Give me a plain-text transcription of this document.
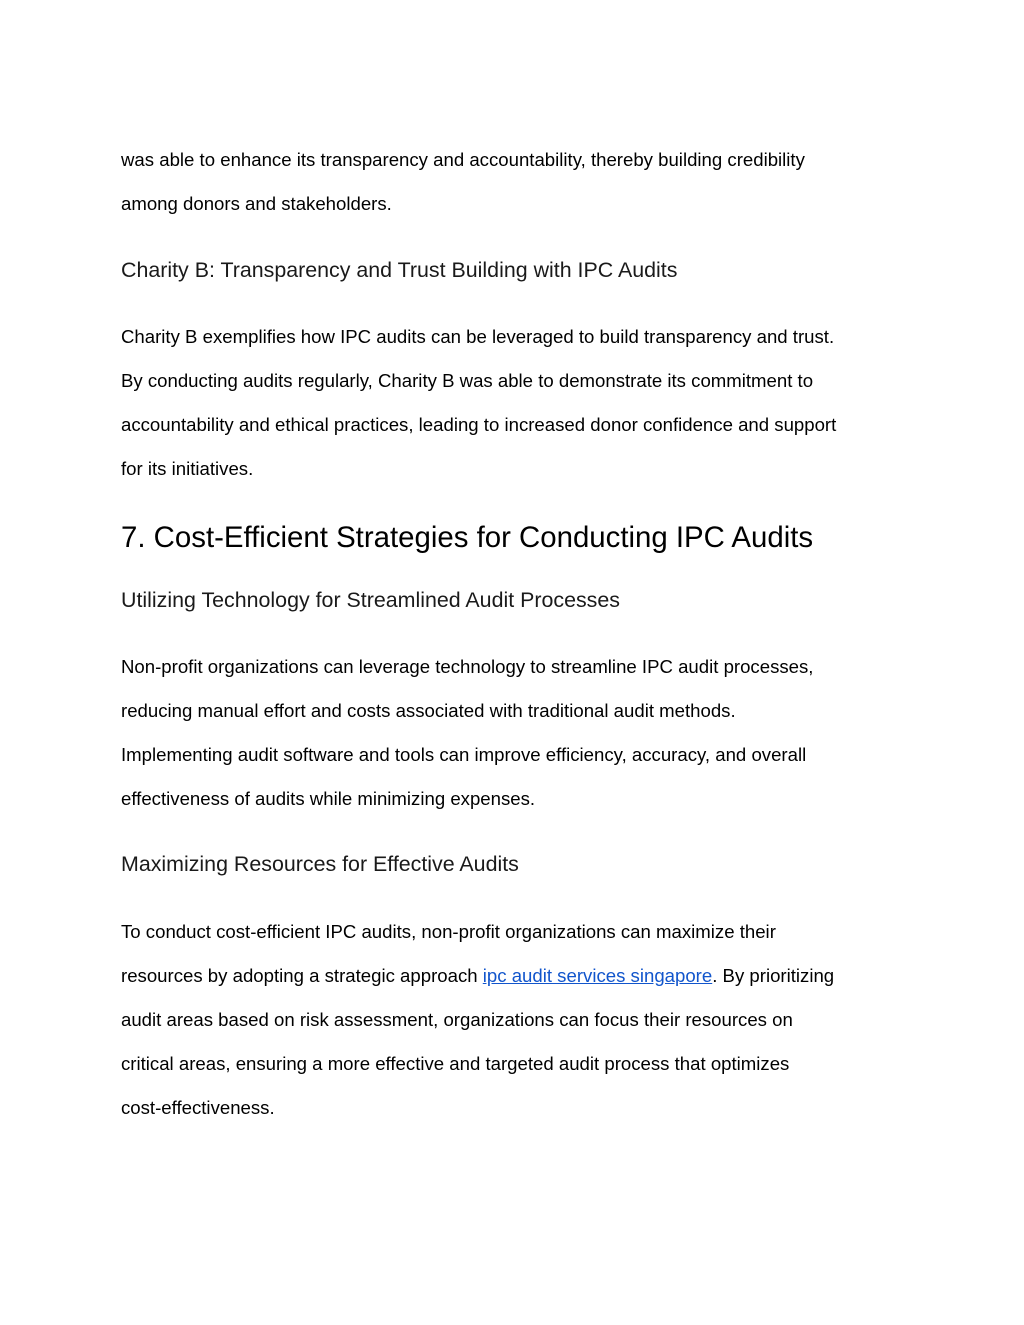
was able to enhance its transparency and accountability, thereby building credibility
among donors and stakeholders.
Charity B: Transparency and Trust Building with IPC Audits
Charity B exemplifies how IPC audits can be leveraged to build transparency and trust.
By conducting audits regularly, Charity B was able to demonstrate its commitment to
accountability and ethical practices, leading to increased donor confidence and support
for its initiatives.
7. Cost-Efficient Strategies for Conducting IPC Audits
Utilizing Technology for Streamlined Audit Processes
Non-profit organizations can leverage technology to streamline IPC audit processes,
reducing manual effort and costs associated with traditional audit methods.
Implementing audit software and tools can improve efficiency, accuracy, and overall
effectiveness of audits while minimizing expenses.
Maximizing Resources for Effective Audits
To conduct cost-efficient IPC audits, non-profit organizations can maximize their
resources by adopting a strategic approach ipc audit services singapore. By prioritizing
audit areas based on risk assessment, organizations can focus their resources on
critical areas, ensuring a more effective and targeted audit process that optimizes
cost-effectiveness.
